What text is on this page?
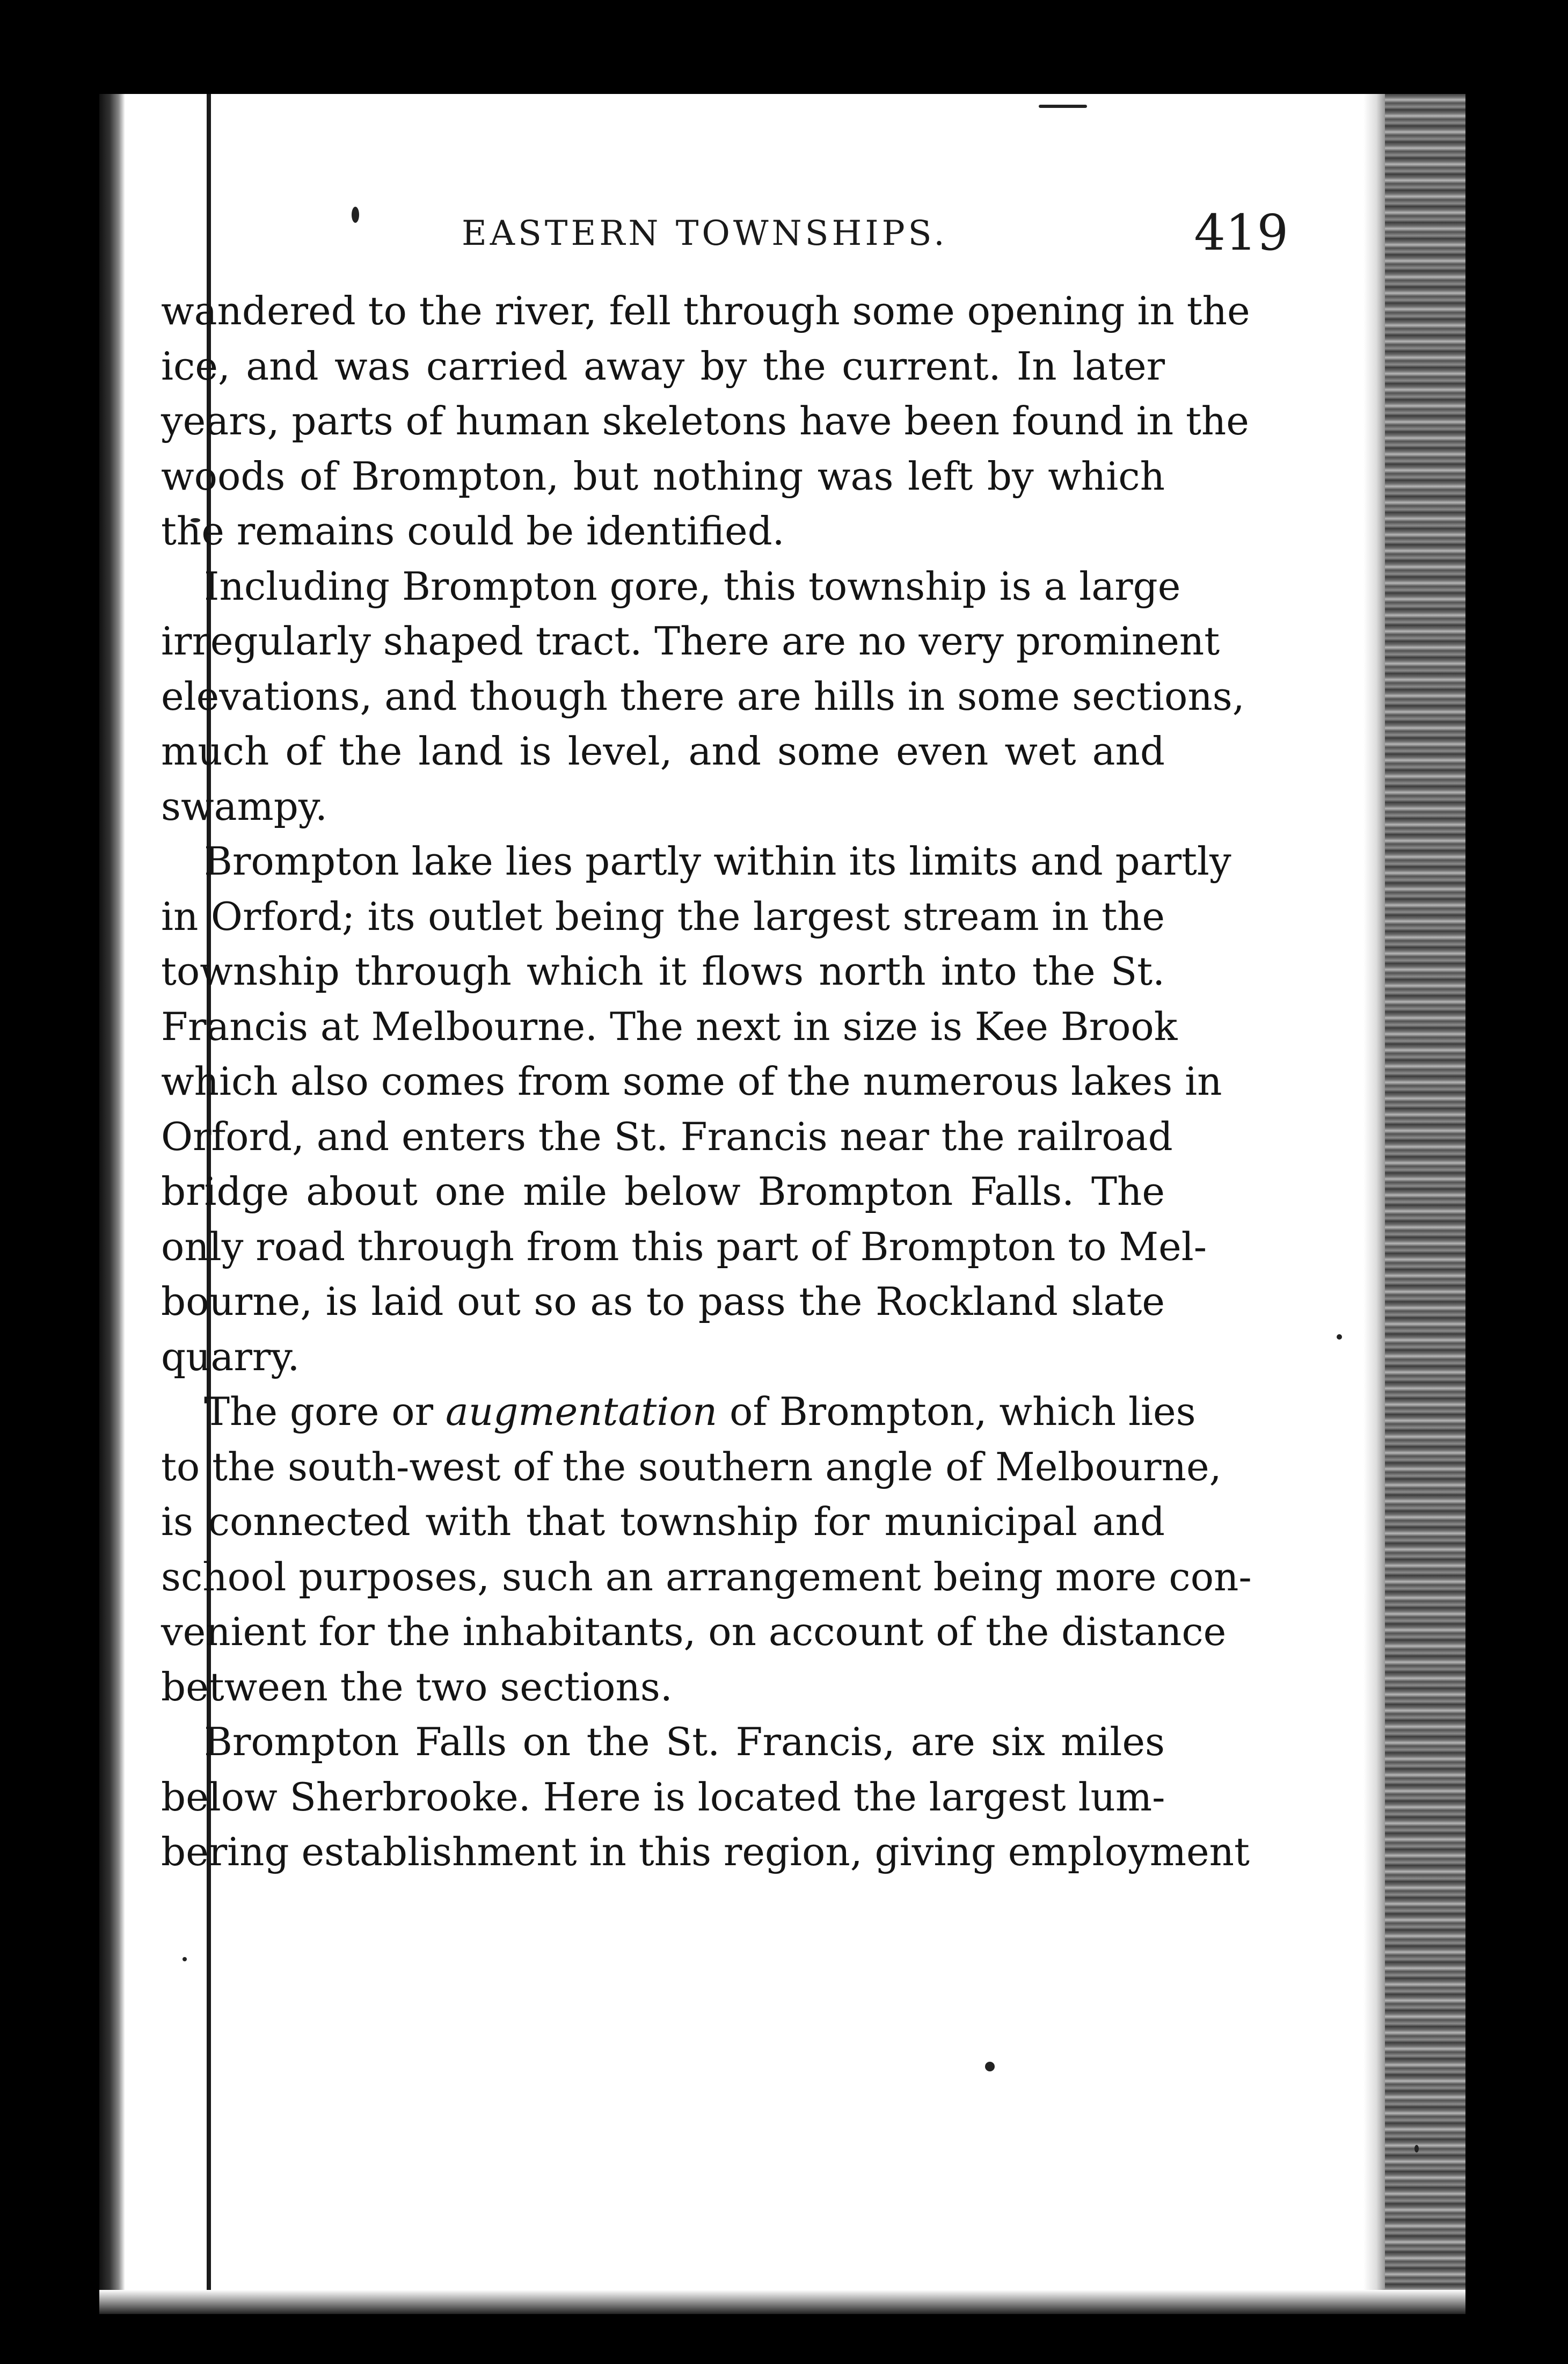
EASTERN TOWNSHIPS.	419
wandered to the river, fell through some opening in the
ice, and was carried away by the current. In later
years, parts of human skeletons have been found in the
woods of Brompton, but nothing was left by which
the remains could be identified.
Including Brompton gore, this township is a large
irregularly shaped tract. There are no very prominent
elevations, and though there are hills in some sections,
much of the land is level, and some even wet and
swampy.
Brompton lake lies partly within its limits and partly
in Orford; its outlet being the largest stream in the
township through which it flows north into the St.
Francis at Melbourne. The next in size is Kee Brook
which also comes from some of the numerous lakes in
Orford, and enters the St. Francis near the railroad
bridge about one mile below Brompton Falls. The
only road through from this part of Brompton to Mel-
bourne, is laid out so as to pass the Rockland slate
quarry.
The gore or augmentation of Brompton, which lies
to the south-west of the southern angle of Melbourne,
is connected with that township for municipal and
school purposes, such an arrangement being more con-
venient for the inhabitants, on account of the distance
between the two sections.
Brompton Falls on the St. Francis, are six miles
below Sherbrooke. Here is located the largest lum-
bering establishment in this region, giving employment
